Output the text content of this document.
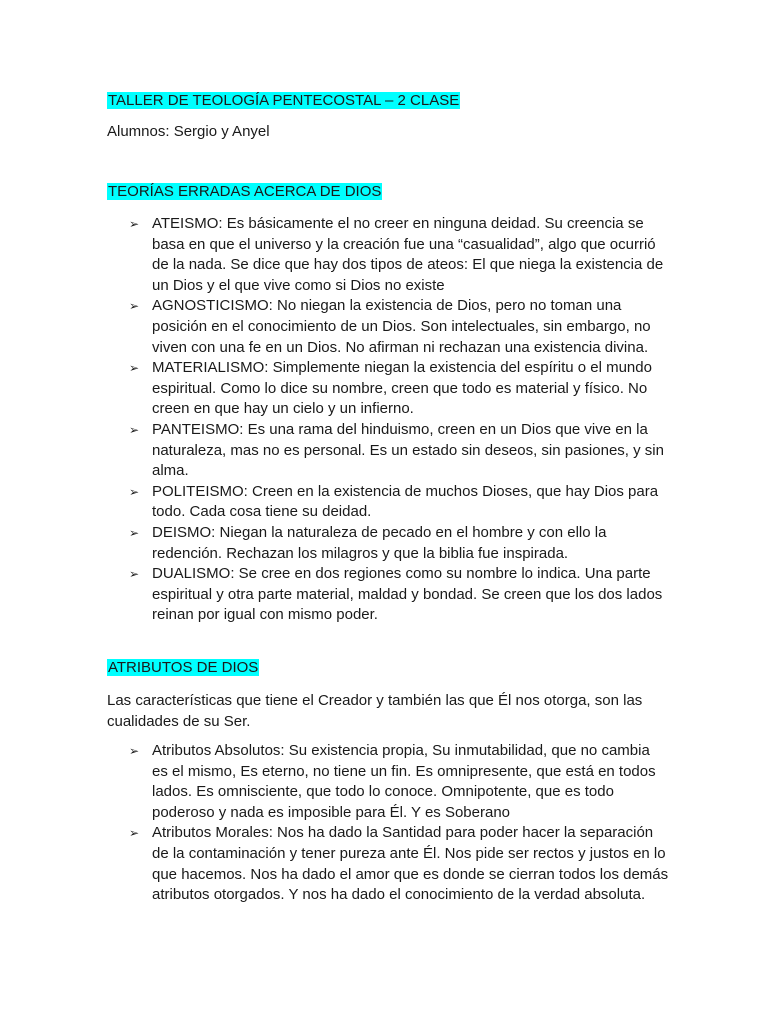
TALLER DE TEOLOGÍA PENTECOSTAL – 2 CLASE

Alumnos: Sergio y Anyel

TEORÍAS ERRADAS ACERCA DE DIOS
➢ ATEISMO: Es básicamente el no creer en ninguna deidad. Su creencia se basa en que el universo y la creación fue una “casualidad”, algo que ocurrió de la nada. Se dice que hay dos tipos de ateos: El que niega la existencia de un Dios y el que vive como si Dios no existe
➢ AGNOSTICISMO: No niegan la existencia de Dios, pero no toman una posición en el conocimiento de un Dios. Son intelectuales, sin embargo, no viven con una fe en un Dios. No afirman ni rechazan una existencia divina.
➢ MATERIALISMO: Simplemente niegan la existencia del espíritu o el mundo espiritual. Como lo dice su nombre, creen que todo es material y físico. No creen en que hay un cielo y un infierno.
➢ PANTEISMO: Es una rama del hinduismo, creen en un Dios que vive en la naturaleza, mas no es personal. Es un estado sin deseos, sin pasiones, y sin alma.
➢ POLITEISMO: Creen en la existencia de muchos Dioses, que hay Dios para todo. Cada cosa tiene su deidad.
➢ DEISMO: Niegan la naturaleza de pecado en el hombre y con ello la redención. Rechazan los milagros y que la biblia fue inspirada.
➢ DUALISMO: Se cree en dos regiones como su nombre lo indica. Una parte espiritual y otra parte material, maldad y bondad. Se creen que los dos lados reinan por igual con mismo poder.
ATRIBUTOS DE DIOS

Las características que tiene el Creador y también las que Él nos otorga, son las cualidades de su Ser.

➢ Atributos Absolutos: Su existencia propia, Su inmutabilidad, que no cambia es el mismo, Es eterno, no tiene un fin. Es omnipresente, que está en todos lados. Es omnisciente, que todo lo conoce. Omnipotente, que es todo poderoso y nada es imposible para Él. Y es Soberano
➢ Atributos Morales: Nos ha dado la Santidad para poder hacer la separación de la contaminación y tener pureza ante Él. Nos pide ser rectos y justos en lo que hacemos. Nos ha dado el amor que es donde se cierran todos los demás atributos otorgados. Y nos ha dado el conocimiento de la verdad absoluta.
